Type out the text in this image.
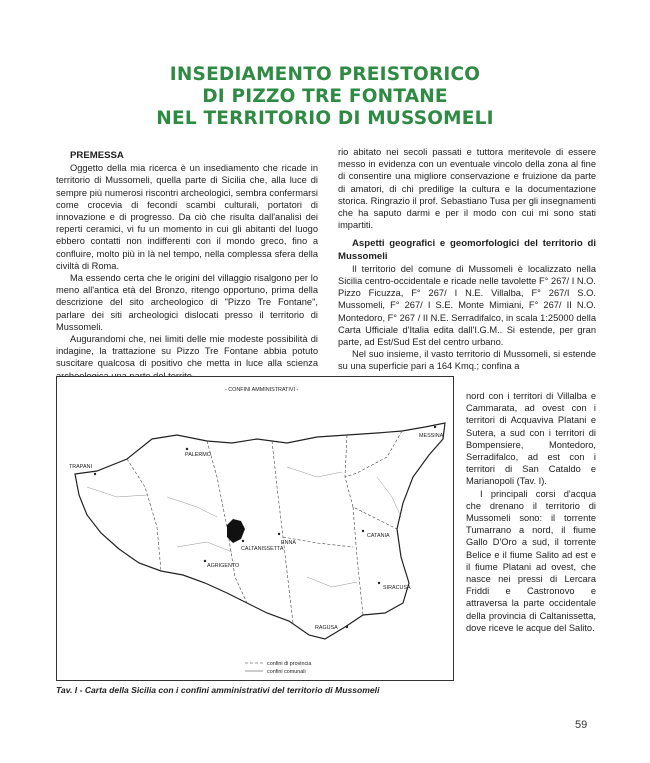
INSEDIAMENTO PREISTORICO
DI PIZZO TRE FONTANE
NEL TERRITORIO DI MUSSOMELI

PREMESSA

Oggetto della mia ricerca è un insediamento che ricade in territorio di Mussomeli, quella parte di Sicilia che, alla luce di sempre più numerosi riscontri archeologici, sembra confermarsi come crocevia di fecondi scambi culturali, portatori di innovazione e di progresso. Da ciò che risulta dall'analisi dei reperti ceramici, vi fu un momento in cui gli abitanti del luogo ebbero contatti non indifferenti con il mondo greco, fino a confluire, molto più in là nel tempo, nella complessa sfera della civiltà di Roma.

Ma essendo certa che le origini del villaggio risalgono per lo meno all'antica età del Bronzo, ritengo opportuno, prima della descrizione del sito archeologico di "Pizzo Tre Fontane", parlare dei siti archeologici dislocati presso il territorio di Mussomeli.

Augurandomi che, nei limiti delle mie modeste possibilità di indagine, la trattazione su Pizzo Tre Fontane abbia potuto suscitare qualcosa di positivo che metta in luce alla scienza

rio abitato nei secoli passati e tuttora meritevole di essere messo in evidenza con un eventuale vincolo della zona al fine di consentire una migliore conservazione e fruizione da parte di amatori, di chi predilige la cultura e la documentazione storica. Ringrazio il prof. Sebastiano Tusa per gli insegnamenti che ha saputo darmi e per il modo con cui mi sono stati impartiti.

Aspetti geografici e geomorfologici del territorio di Mussomeli

Il territorio del comune di Mussomeli è localizzato nella Sicilia centro-occidentale e ricade nelle tavolette F° 267/ I N.O. Pizzo Ficuzza, F° 267/ I N.E. Villalba, F° 267/I S.O. Mussomeli, F° 267/ I S.E. Monte Mimiani, F° 267/ II N.O. Montedoro, F° 267 / II N.E. Serradifalco, in scala 1:25000 della Carta Ufficiale d'Italia edita dall'I.G.M.. Si estende, per gran parte, ad Est/Sud Est del centro urbano.

Nel suo insieme, il vasto territorio di Mussomeli, si estende su una superficie pari a 164 Kmq.; confina a

nord con i territori di Villalba e Cammarata, ad ovest con i territori di Acquaviva Platani e Sutera, a sud con i territori di Bompensiere, Montedoro, Serradifalco, ad est con i territori di San Cataldo e Marianopoli (Tav. I).

I principali corsi d'acqua che drenano il territorio di Mussomeli sono: il torrente Tumarrano a nord, il fiume Gallo D'Oro a sud, il torrente Belice e il fiume Salito ad est e il fiume Platani ad ovest, che nasce nei pressi di Lercara Friddi e Castronovo e attraversa la parte occidentale della provincia di Caltanissetta, dove riceve le acque del Salito.

- CONFINI AMMINISTRATIVI -
PALERMO
MESSINA
TRAPANI
ENNA
CALTANISSETTA
CATANIA
AGRIGENTO
SIRACUSA
RAGUSA
confini di provincia
confini comunali
Tav. I - Carta della Sicilia con i confini amministrativi del territorio di Mussomeli
59
